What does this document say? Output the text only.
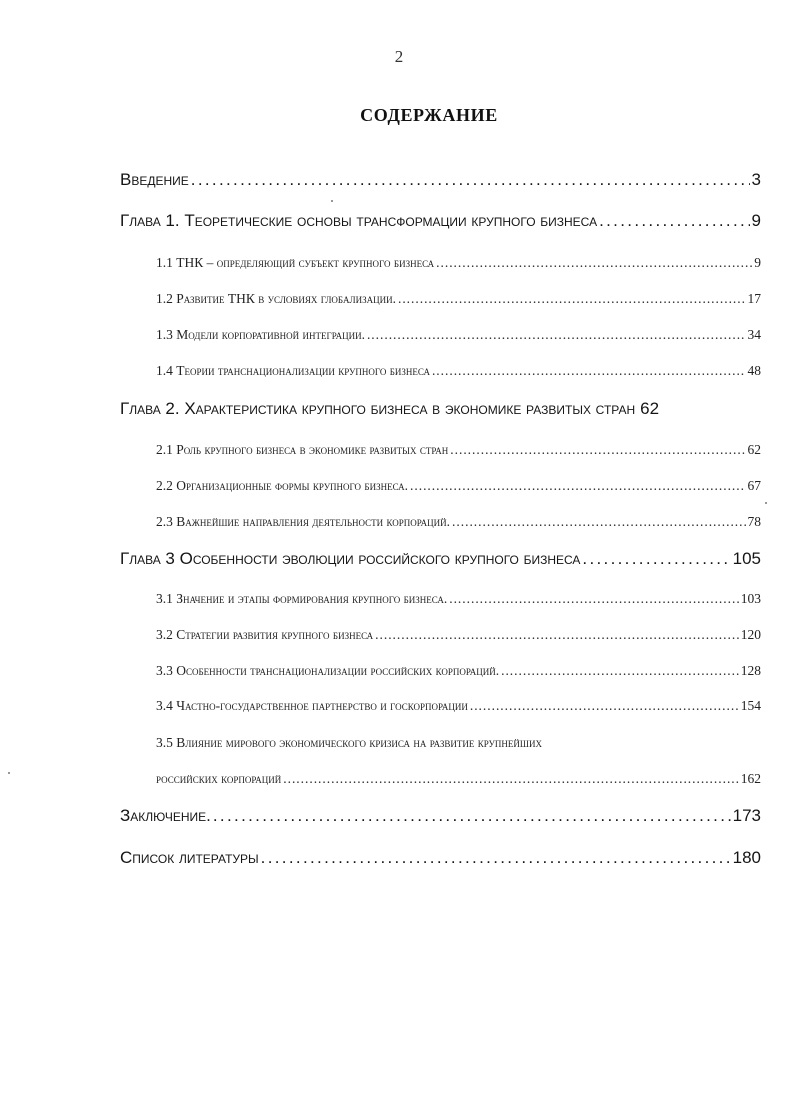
2
СОДЕРЖАНИЕ
Введение . . .	3
Глава 1. Теоретические основы трансформации крупного бизнеса . . .	9
1.1 ТНК – определяющий субъект крупного бизнеса . . .	9
1.2 Развитие ТНК в условиях глобализации. . . .	17
1.3 Модели корпоративной интеграции. . . .	34
1.4 Теории транснационализации крупного бизнеса . . .	48
Глава 2. Характеристика крупного бизнеса в экономике развитых стран 62
2.1 Роль крупного бизнеса в экономике развитых стран . . .	62
2.2 Организационные формы крупного бизнеса. . . .	67
2.3 Важнейшие направления деятельности корпораций. . . .	78
Глава 3 Особенности эволюции российского крупного бизнеса . . .	105
3.1 Значение и этапы формирования крупного бизнеса. . . .	103
3.2 Стратегии развития крупного бизнеса . . .	120
3.3 Особенности транснационализации российских корпораций. . . .	128
3.4 Частно-государственное партнерство и госкорпорации . . .	154
3.5 Влияние мирового экономического кризиса на развитие крупнейших
российских корпораций . . .	162
Заключение. . . .	173
Список литературы . . .	180
